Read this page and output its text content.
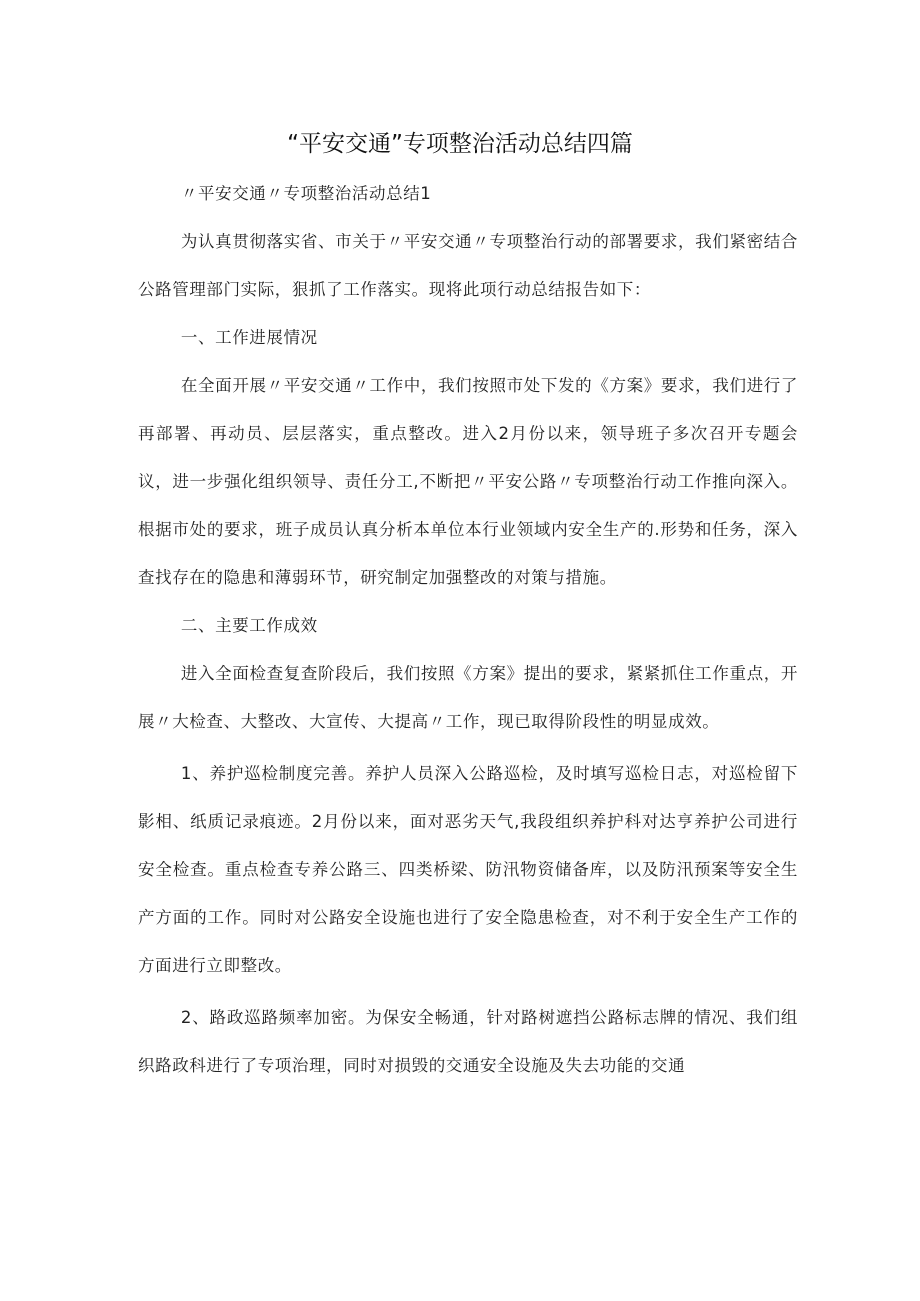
“平安交通”专项整治活动总结四篇

〃平安交通〃专项整治活动总结1

为认真贯彻落实省、市关于〃平安交通〃专项整治行动的部署要求，我们紧密结合公路管理部门实际，狠抓了工作落实。现将此项行动总结报告如下：

一、工作进展情况

在全面开展〃平安交通〃工作中，我们按照市处下发的《方案》要求，我们进行了再部署、再动员、层层落实，重点整改。进入2月份以来，领导班子多次召开专题会议，进一步强化组织领导、责任分工,不断把〃平安公路〃专项整治行动工作推向深入。根据市处的要求，班子成员认真分析本单位本行业领域内安全生产的.形势和任务，深入查找存在的隐患和薄弱环节，研究制定加强整改的对策与措施。

二、主要工作成效

进入全面检查复查阶段后，我们按照《方案》提出的要求，紧紧抓住工作重点，开展〃大检查、大整改、大宣传、大提高〃工作，现已取得阶段性的明显成效。

1、养护巡检制度完善。养护人员深入公路巡检，及时填写巡检日志，对巡检留下影相、纸质记录痕迹。2月份以来，面对恶劣天气,我段组织养护科对达亨养护公司进行安全检查。重点检查专养公路三、四类桥梁、防汛物资储备库，以及防汛预案等安全生产方面的工作。同时对公路安全设施也进行了安全隐患检查，对不利于安全生产工作的方面进行立即整改。

2、路政巡路频率加密。为保安全畅通，针对路树遮挡公路标志牌的情况、我们组织路政科进行了专项治理，同时对损毁的交通安全设施及失去功能的交通
